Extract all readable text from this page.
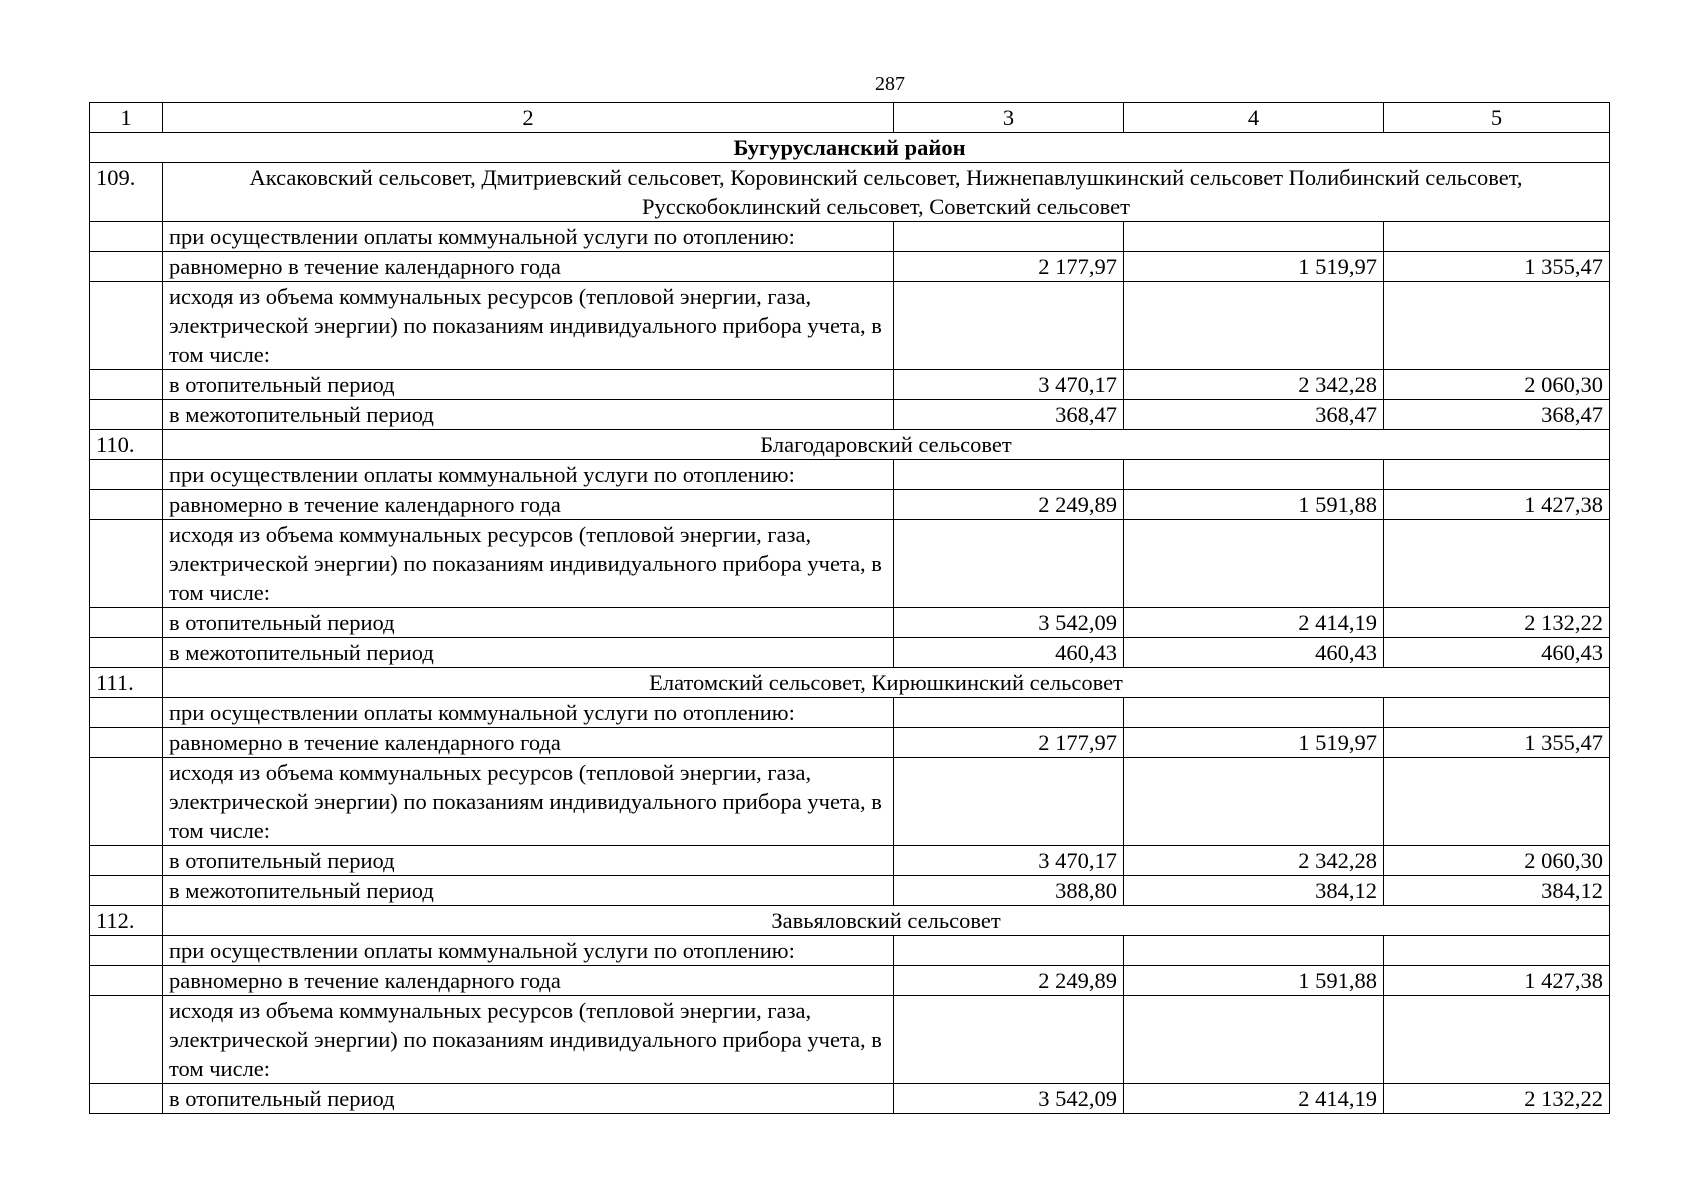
287
1	2	3	4	5
Бугурусланский район				
109.	Аксаковский сельсовет, Дмитриевский сельсовет, Коровинский сельсовет, Нижнепавлушкинский сельсовет Полибинский сельсовет, Русскобоклинский сельсовет, Советский сельсовет			
	при осуществлении оплаты коммунальной услуги по отоплению:			
	равномерно в течение календарного года	2 177,97	1 519,97	1 355,47
	исходя из объема коммунальных ресурсов (тепловой энергии, газа, электрической энергии) по показаниям индивидуального прибора учета, в том числе:			
	в отопительный период	3 470,17	2 342,28	2 060,30
	в межотопительный период	368,47	368,47	368,47
110.	Благодаровский сельсовет			
	при осуществлении оплаты коммунальной услуги по отоплению:			
	равномерно в течение календарного года	2 249,89	1 591,88	1 427,38
	исходя из объема коммунальных ресурсов (тепловой энергии, газа, электрической энергии) по показаниям индивидуального прибора учета, в том числе:			
	в отопительный период	3 542,09	2 414,19	2 132,22
	в межотопительный период	460,43	460,43	460,43
111.	Елатомский сельсовет, Кирюшкинский сельсовет			
	при осуществлении оплаты коммунальной услуги по отоплению:			
	равномерно в течение календарного года	2 177,97	1 519,97	1 355,47
	исходя из объема коммунальных ресурсов (тепловой энергии, газа, электрической энергии) по показаниям индивидуального прибора учета, в том числе:			
	в отопительный период	3 470,17	2 342,28	2 060,30
	в межотопительный период	388,80	384,12	384,12
112.	Завьяловский сельсовет			
	при осуществлении оплаты коммунальной услуги по отоплению:			
	равномерно в течение календарного года	2 249,89	1 591,88	1 427,38
	исходя из объема коммунальных ресурсов (тепловой энергии, газа, электрической энергии) по показаниям индивидуального прибора учета, в том числе:			
	в отопительный период	3 542,09	2 414,19	2 132,22
